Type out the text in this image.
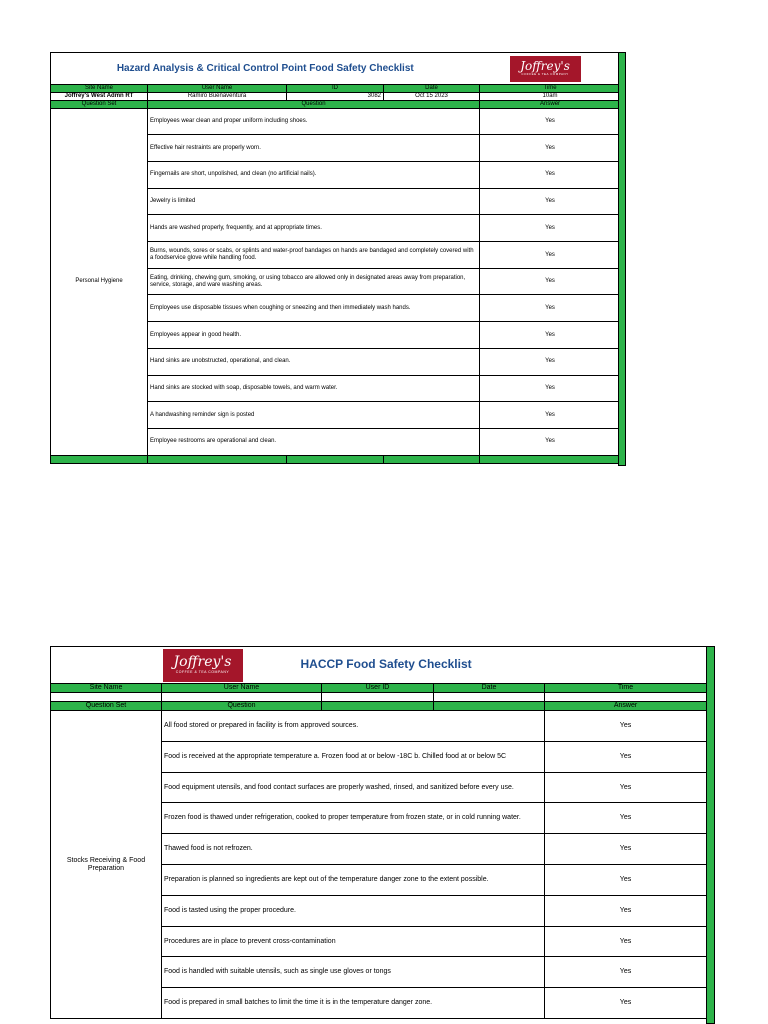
Hazard Analysis & Critical Control Point Food Safety Checklist				Joffrey's
COFFEE & TEA COMPANY

Site Name	User Name	ID	Date	Time
Joffrey's West Admn RT	Ramiro Buenaventura	3082	Oct 15 2023	10am
Question Set	Question			Answer
Personal Hygiene	Employees wear clean and proper uniform including shoes.			Yes
	Effective hair restraints are properly worn.			Yes
	Fingernails are short, unpolished, and clean (no artificial nails).			Yes
	Jewelry is limited			Yes
	Hands are washed properly, frequently, and at appropriate times.			Yes
	Burns, wounds, sores or scabs, or splints and water-proof bandages on hands are bandaged and completely covered with a foodservice glove while handling food.			Yes
	Eating, drinking, chewing gum, smoking, or using tobacco are allowed only in designated areas away from preparation, service, storage, and ware washing areas.			Yes
	Employees use disposable tissues when coughing or sneezing and then immediately wash hands.			Yes
	Employees appear in good health.			Yes
	Hand sinks are unobstructed, operational, and clean.			Yes
	Hand sinks are stocked with soap, disposable towels, and warm water.			Yes
	A handwashing reminder sign is posted			Yes
	Employee restrooms are operational and clean.			Yes

	Joffrey's
COFFEE & TEA COMPANY
HACCP Food Safety Checklist			

Site Name	User Name	User ID	Date	Time

Question Set	Question			Answer
Stocks Receiving & Food Preparation	All food stored or prepared in facility is from approved sources.			Yes
	Food is received at the appropriate temperature a. Frozen food at or below -18C b. Chilled food at or below 5C			Yes
	Food equipment utensils, and food contact surfaces are properly washed, rinsed, and sanitized before every use.			Yes
	Frozen food is thawed under refrigeration, cooked to proper temperature from frozen state, or in cold running water.			Yes
	Thawed food is not refrozen.			Yes
	Preparation is planned so ingredients are kept out of the temperature danger zone to the extent possible.			Yes
	Food is tasted using the proper procedure.			Yes
	Procedures are in place to prevent cross-contamination			Yes
	Food is handled with suitable utensils, such as single use gloves or tongs			Yes
	Food is prepared in small batches to limit the time it is in the temperature danger zone.			Yes
